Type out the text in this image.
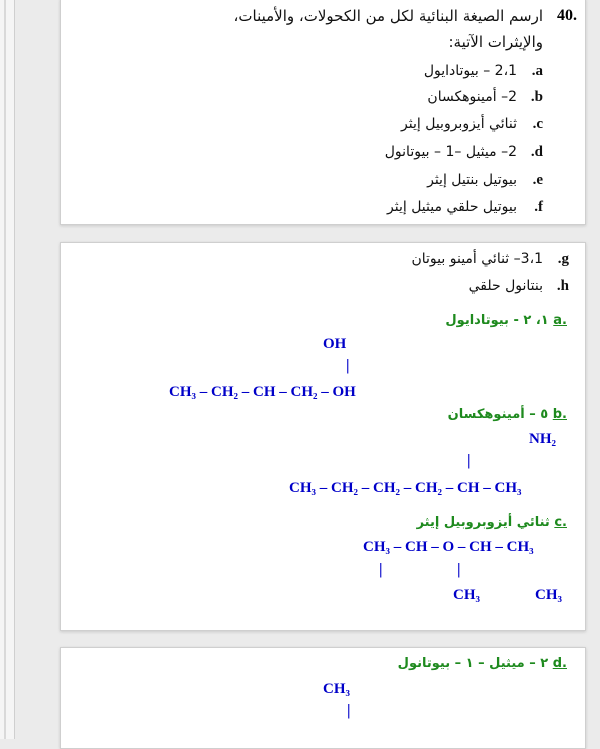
40.
ارسم الصيغة البنائية لكل من الكحولات، والأمينات،
والإيثرات الآتية:
.a
2،1 – بيوتادايول
.b
2– أمينوهكسان
.c
ثنائي أيزوبروبيل إيثر
.d
2– ميثيل –1 – بيوتانول
.e
بيوتيل بنتيل إيثر
.f
بيوتيل حلقي ميثيل إيثر
.g
3،1– ثنائي أمينو بيوتان
.h
بنتانول حلقي
.a ١، ٢ - بيوتادايول
OH
|
CH₃ – CH₂ – CH – CH₂ – OH
.b ٥ – أمينوهكسان
NH₂
|
CH₃ – CH₂ – CH₂ – CH₂ – CH – CH₃
.c ثنائي أيزوبروبيل إيثر
CH₃ – CH – O – CH – CH₃
|	|
CH₃	CH₃
.d ٢ – ميثيل – ١ – بيوتانول
CH₃
|
